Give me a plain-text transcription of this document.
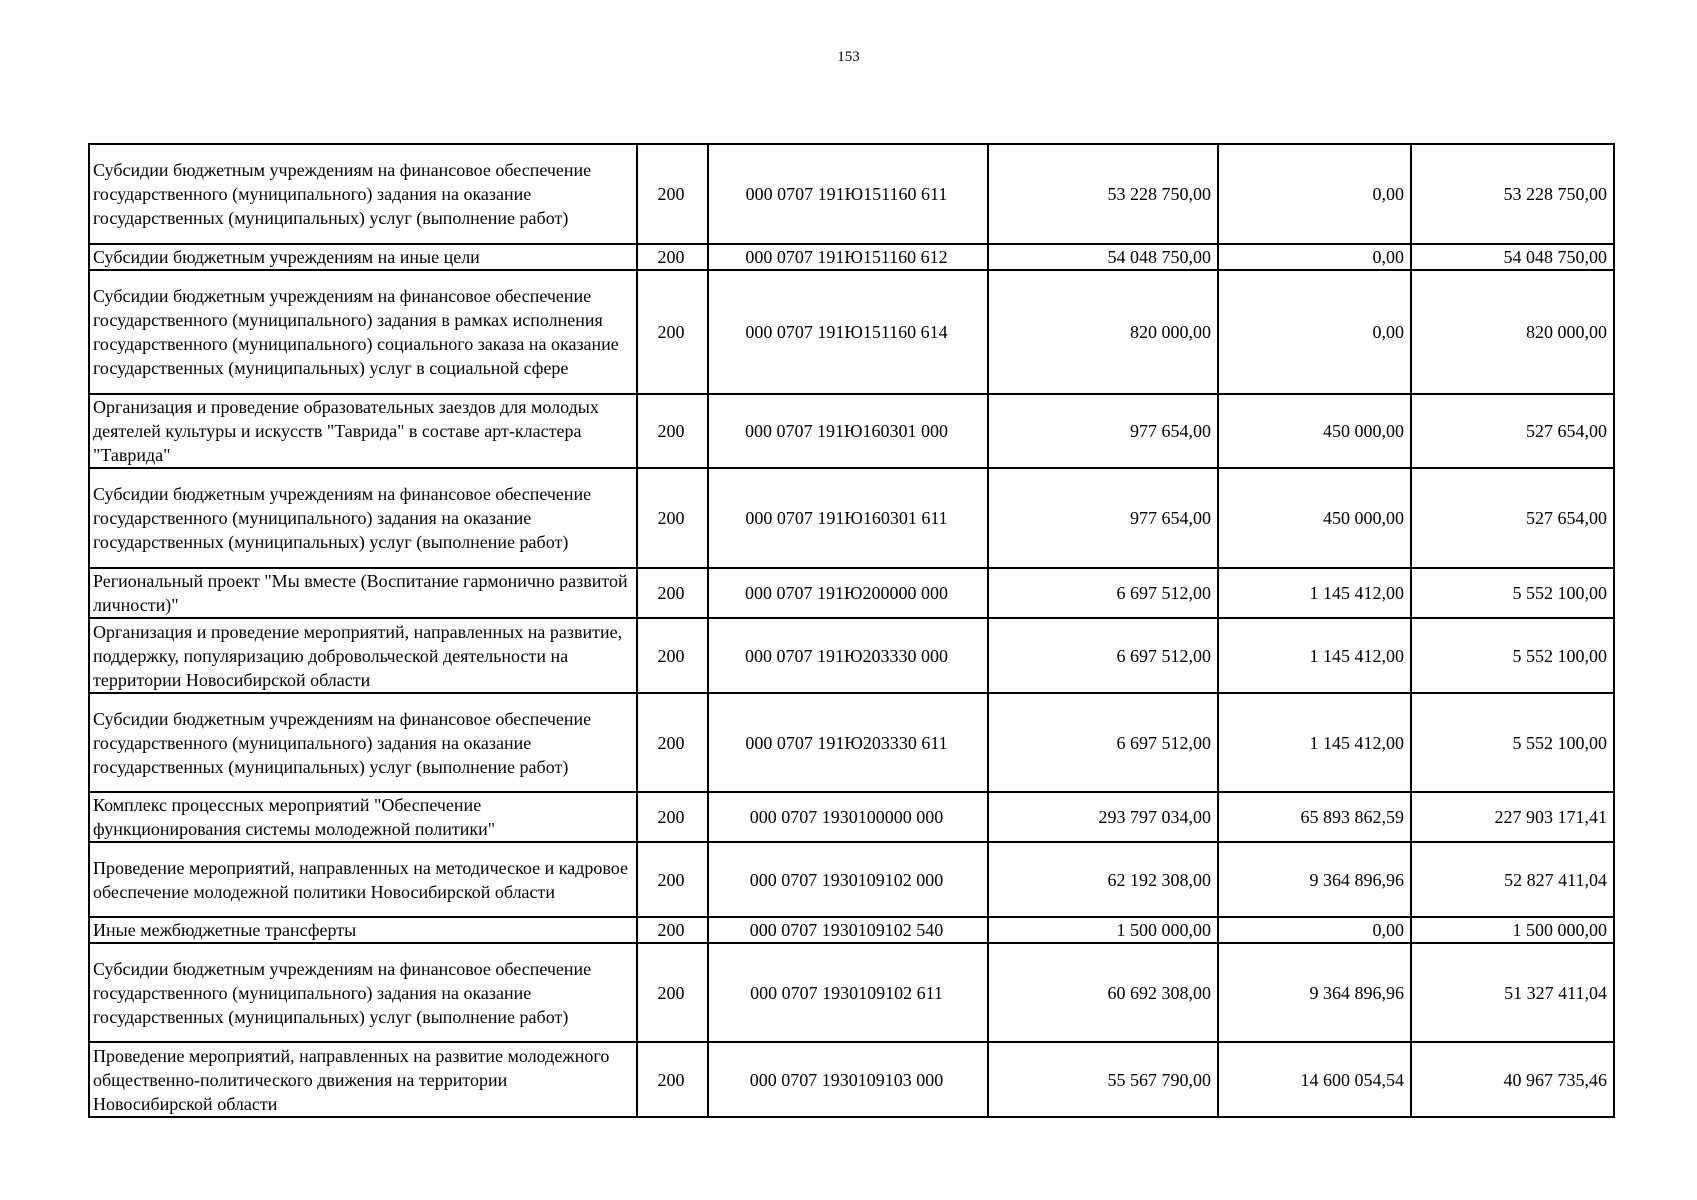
153
Субсидии бюджетным учреждениям на финансовое обеспечение государственного (муниципального) задания на оказание государственных (муниципальных) услуг (выполнение работ)	200	000 0707 191Ю151160 611	53 228 750,00	0,00	53 228 750,00
Субсидии бюджетным учреждениям на иные цели	200	000 0707 191Ю151160 612	54 048 750,00	0,00	54 048 750,00
Субсидии бюджетным учреждениям на финансовое обеспечение государственного (муниципального) задания в рамках исполнения государственного (муниципального) социального заказа на оказание государственных (муниципальных) услуг в социальной сфере	200	000 0707 191Ю151160 614	820 000,00	0,00	820 000,00
Организация и проведение образовательных заездов для молодых деятелей культуры и искусств "Таврида" в составе арт-кластера "Таврида"	200	000 0707 191Ю160301 000	977 654,00	450 000,00	527 654,00
Субсидии бюджетным учреждениям на финансовое обеспечение государственного (муниципального) задания на оказание государственных (муниципальных) услуг (выполнение работ)	200	000 0707 191Ю160301 611	977 654,00	450 000,00	527 654,00
Региональный проект "Мы вместе (Воспитание гармонично развитой личности)"	200	000 0707 191Ю200000 000	6 697 512,00	1 145 412,00	5 552 100,00
Организация и проведение мероприятий, направленных на развитие, поддержку, популяризацию добровольческой деятельности на территории Новосибирской области	200	000 0707 191Ю203330 000	6 697 512,00	1 145 412,00	5 552 100,00
Субсидии бюджетным учреждениям на финансовое обеспечение государственного (муниципального) задания на оказание государственных (муниципальных) услуг (выполнение работ)	200	000 0707 191Ю203330 611	6 697 512,00	1 145 412,00	5 552 100,00
Комплекс процессных мероприятий "Обеспечение функционирования системы молодежной политики"	200	000 0707 1930100000 000	293 797 034,00	65 893 862,59	227 903 171,41
Проведение мероприятий, направленных на методическое и кадровое обеспечение молодежной политики Новосибирской области	200	000 0707 1930109102 000	62 192 308,00	9 364 896,96	52 827 411,04
Иные межбюджетные трансферты	200	000 0707 1930109102 540	1 500 000,00	0,00	1 500 000,00
Субсидии бюджетным учреждениям на финансовое обеспечение государственного (муниципального) задания на оказание государственных (муниципальных) услуг (выполнение работ)	200	000 0707 1930109102 611	60 692 308,00	9 364 896,96	51 327 411,04
Проведение мероприятий, направленных на развитие молодежного общественно-политического движения на территории Новосибирской области	200	000 0707 1930109103 000	55 567 790,00	14 600 054,54	40 967 735,46
